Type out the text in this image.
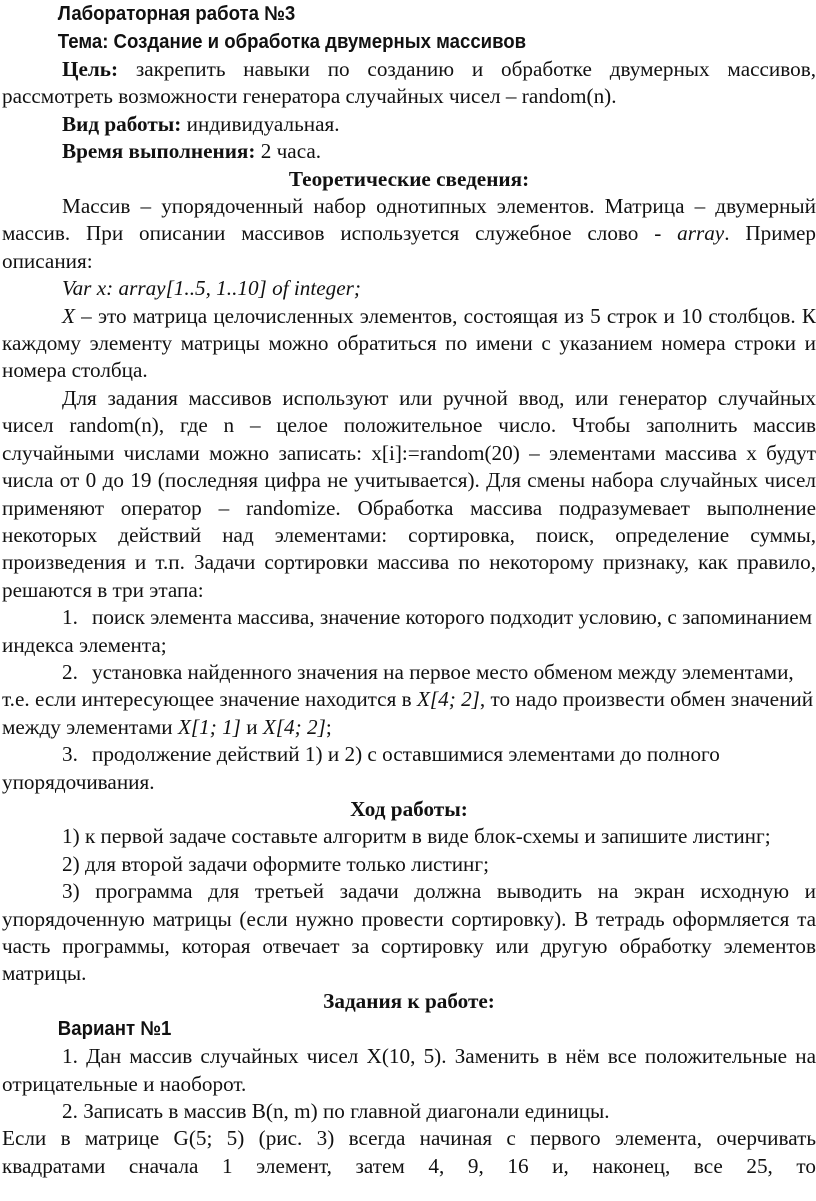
Лабораторная работа №3
Тема: Создание и обработка двумерных массивов

Цель: закрепить навыки по созданию и обработке двумерных массивов, рассмотреть возможности генератора случайных чисел – random(n).

Вид работы: индивидуальная.

Время выполнения: 2 часа.

Теоретические сведения:

Массив – упорядоченный набор однотипных элементов. Матрица – двумерный массив. При описании массивов используется служебное слово - array. Пример описания:

Var x: array[1..5, 1..10] of integer;

X – это матрица целочисленных элементов, состоящая из 5 строк и 10 столбцов. К каждому элементу матрицы можно обратиться по имени с указанием номера строки и номера столбца.

Для задания массивов используют или ручной ввод, или генератор случайных чисел random(n), где n – целое положительное число. Чтобы заполнить массив случайными числами можно записать: x[i]:=random(20) – элементами массива x будут числа от 0 до 19 (последняя цифра не учитывается). Для смены набора случайных чисел применяют оператор – randomize. Обработка массива подразумевает выполнение некоторых действий над элементами: сортировка, поиск, определение суммы, произведения и т.п. Задачи сортировки массива по некоторому признаку, как правило, решаются в три этапа:

1. поиск элемента массива, значение которого подходит условию, с запоминанием индекса элемента;

2. установка найденного значения на первое место обменом между элементами, т.е. если интересующее значение находится в X[4; 2], то надо произвести обмен значений между элементами X[1; 1] и X[4; 2];

3. продолжение действий 1) и 2) с оставшимися элементами до полного упорядочивания.

Ход работы:

1) к первой задаче составьте алгоритм в виде блок-схемы и запишите листинг;

2) для второй задачи оформите только листинг;

3) программа для третьей задачи должна выводить на экран исходную и упорядоченную матрицы (если нужно провести сортировку). В тетрадь оформляется та часть программы, которая отвечает за сортировку или другую обработку элементов матрицы.

Задания к работе:

Вариант №1

1. Дан массив случайных чисел X(10, 5). Заменить в нём все положительные на отрицательные и наоборот.

2. Записать в массив B(n, m) по главной диагонали единицы.

Если в матрице G(5; 5) (рис. 3) всегда начиная с первого элемента, очерчивать квадратами сначала 1 элемент, затем 4, 9, 16 и, наконец, все 25, то
